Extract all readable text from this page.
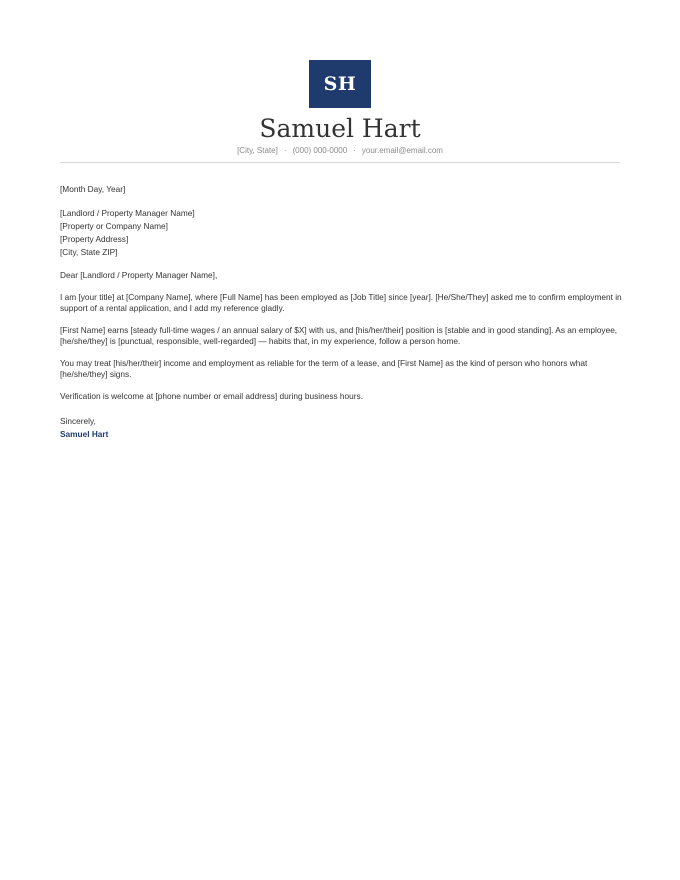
SH
Samuel Hart
[City, State] · (000) 000-0000 · your.email@email.com
[Month Day, Year]
[Landlord / Property Manager Name]
[Property or Company Name]
[Property Address]
[City, State ZIP]
Dear [Landlord / Property Manager Name],

I am [your title] at [Company Name], where [Full Name] has been employed as [Job Title] since [year]. [He/She/They] asked me to confirm employment in support of a rental application, and I add my reference gladly.

[First Name] earns [steady full-time wages / an annual salary of $X] with us, and [his/her/their] position is [stable and in good standing]. As an employee, [he/she/they] is [punctual, responsible, well-regarded] — habits that, in my experience, follow a person home.

You may treat [his/her/their] income and employment as reliable for the term of a lease, and [First Name] as the kind of person who honors what [he/she/they] signs.

Verification is welcome at [phone number or email address] during business hours.

Sincerely,
Samuel Hart
